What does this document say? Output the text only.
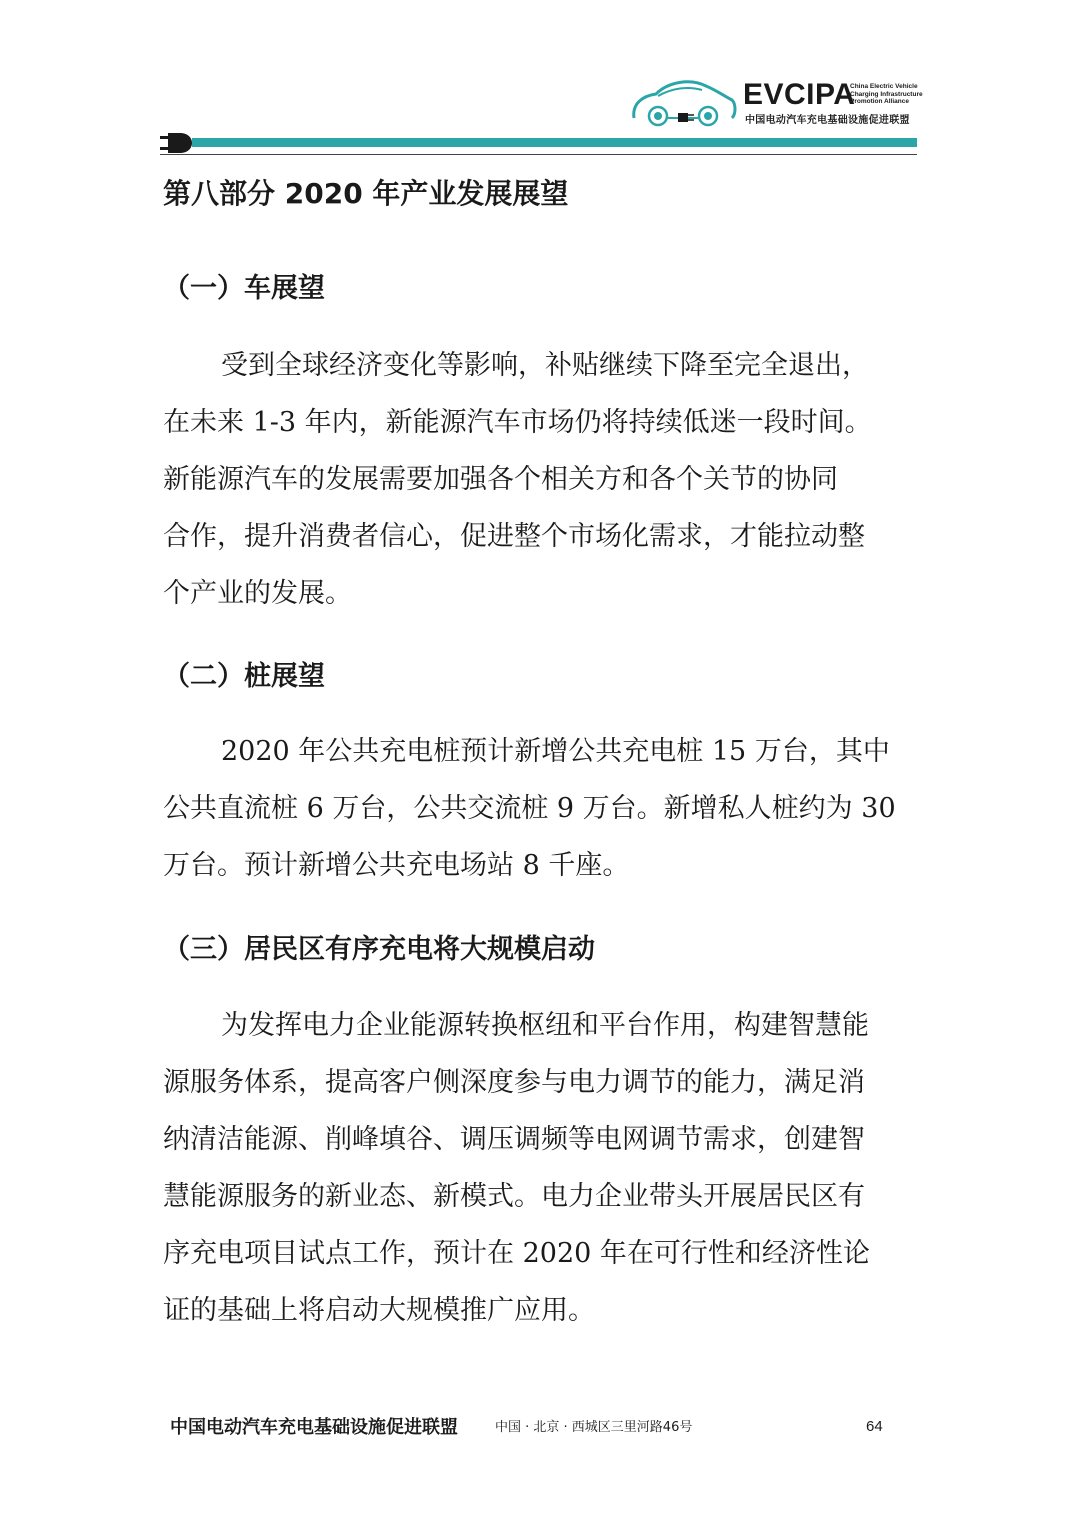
EVCIPA
China Electric Vehicle
Charging Infrastructure
Promotion Alliance
中国电动汽车充电基础设施促进联盟
第八部分 2020 年产业发展展望
（一）车展望
受到全球经济变化等影响，补贴继续下降至完全退出，
在未来 1-3 年内，新能源汽车市场仍将持续低迷一段时间。
新能源汽车的发展需要加强各个相关方和各个关节的协同
合作，提升消费者信心，促进整个市场化需求，才能拉动整
个产业的发展。
（二）桩展望
2020 年公共充电桩预计新增公共充电桩 15 万台，其中
公共直流桩 6 万台，公共交流桩 9 万台。新增私人桩约为 30
万台。预计新增公共充电场站 8 千座。
（三）居民区有序充电将大规模启动
为发挥电力企业能源转换枢纽和平台作用，构建智慧能
源服务体系，提高客户侧深度参与电力调节的能力，满足消
纳清洁能源、削峰填谷、调压调频等电网调节需求，创建智
慧能源服务的新业态、新模式。电力企业带头开展居民区有
序充电项目试点工作，预计在 2020 年在可行性和经济性论
证的基础上将启动大规模推广应用。
中国电动汽车充电基础设施促进联盟	中国 · 北京 · 西城区三里河路46号	64
